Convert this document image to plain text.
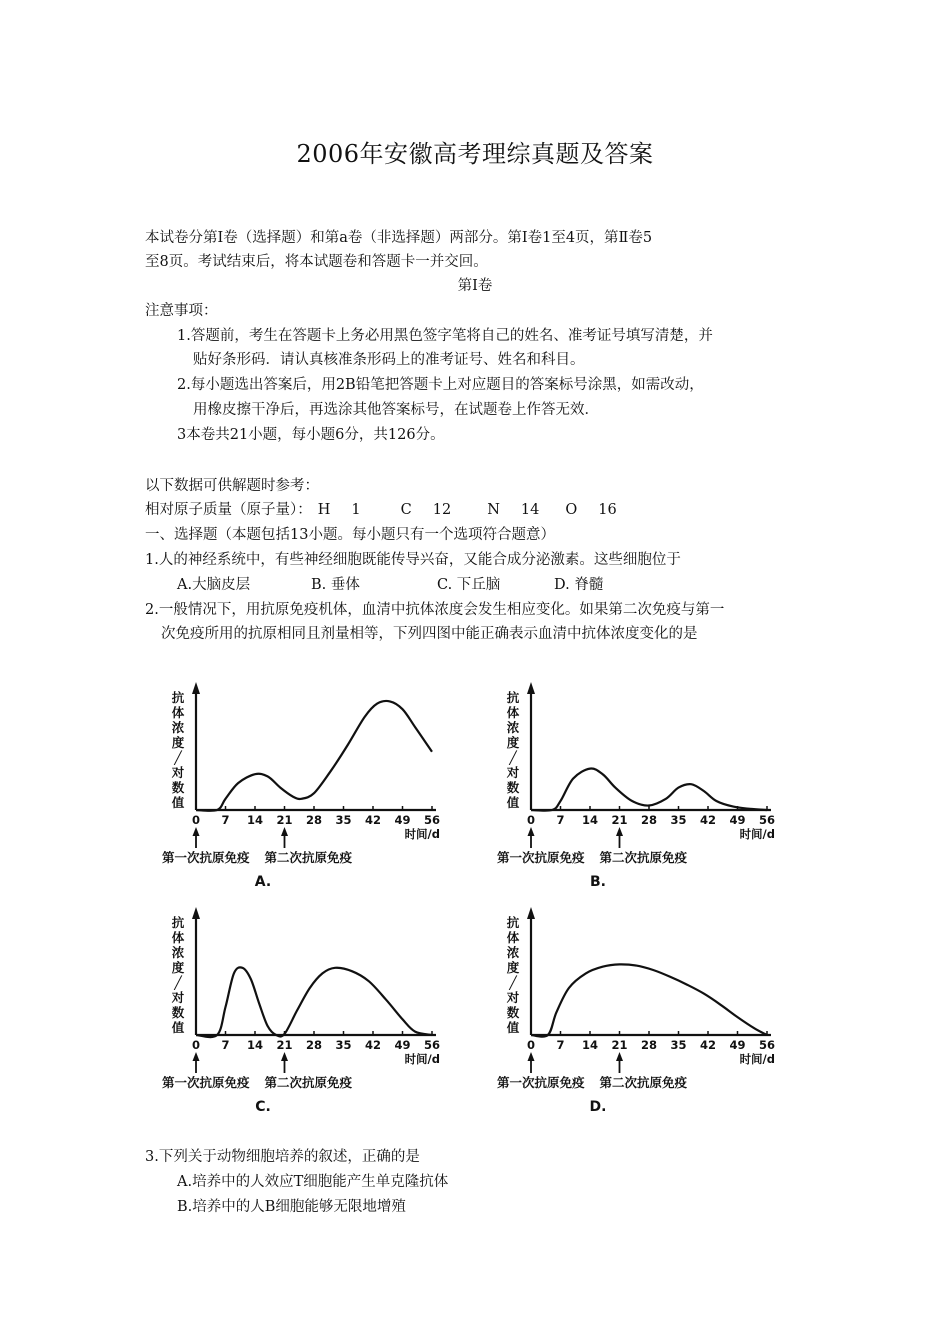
2006年安徽高考理综真题及答案
本试卷分第Ⅰ卷（选择题）和第a卷（非选择题）两部分。第Ⅰ卷1至4页，第Ⅱ卷5
至8页。考试结束后，将本试题卷和答题卡一并交回。
第Ⅰ卷
注意事项：
1.答题前，考生在答题卡上务必用黑色签字笔将自己的姓名、准考证号填写清楚，并
贴好条形码．请认真核准条形码上的准考证号、姓名和科目。
2.每小题选出答案后，用2B铅笔把答题卡上对应题目的答案标号涂黑，如需改动，
用橡皮擦干净后，再选涂其他答案标号，在试题卷上作答无效．
3本卷共21小题，每小题6分，共126分。
以下数据可供解题时参考：
相对原子质量（原子量）： H 1	C 12 N 14 O 16
一、选择题（本题包括13小题。每小题只有一个选项符合题意）
1.人的神经系统中，有些神经细胞既能传导兴奋，又能合成分泌激素。这些细胞位于
A.大脑皮层	B. 垂体	C. 下丘脑	D. 脊髓
2.一般情况下，用抗原免疫机体，血清中抗体浓度会发生相应变化。如果第二次免疫与第一
次免疫所用的抗原相同且剂量相等，下列四图中能正确表示血清中抗体浓度变化的是
抗
体
浓
度
╱
对
数
值
0 7 14 21 28 35 42 49 56
时间/d
第一次抗原免疫 第二次抗原免疫
A.
抗
体
浓
度
╱
对
数
值
0 7 14 21 28 35 42 49 56
时间/d
第一次抗原免疫 第二次抗原免疫
B.
抗
体
浓
度
╱
对
数
值
0 7 14 21 28 35 42 49 56
时间/d
第一次抗原免疫 第二次抗原免疫
C.
抗
体
浓
度
╱
对
数
值
0 7 14 21 28 35 42 49 56
时间/d
第一次抗原免疫 第二次抗原免疫
D.
3.下列关于动物细胞培养的叙述，正确的是
A.培养中的人效应T细胞能产生单克隆抗体
B.培养中的人B细胞能够无限地增殖
